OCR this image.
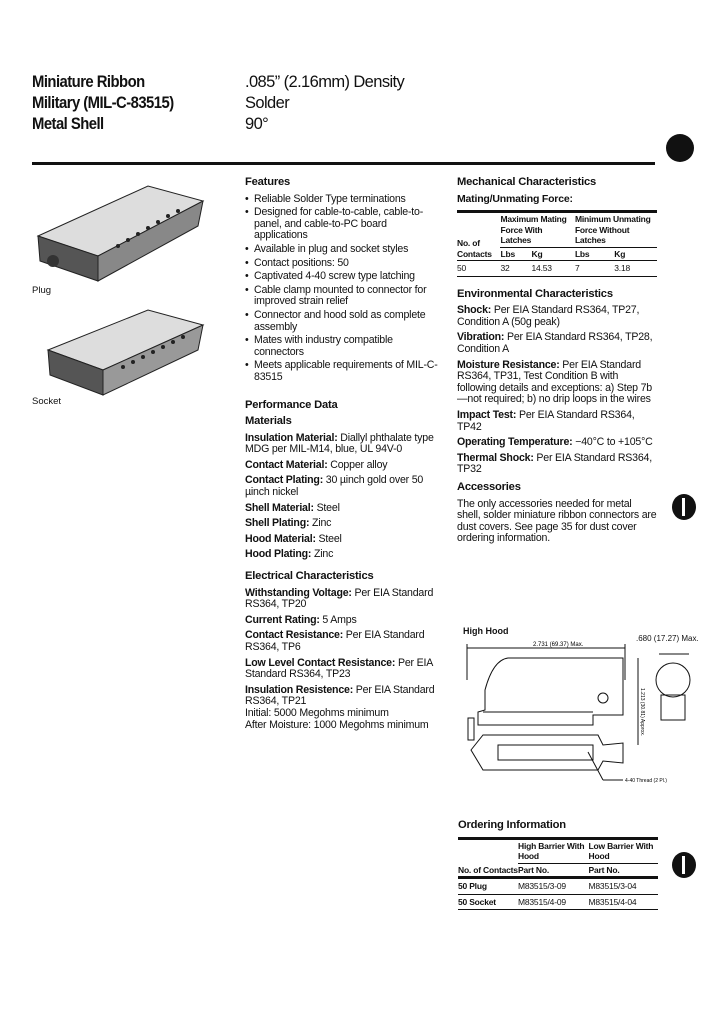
Miniature Ribbon
Military (MIL-C-83515)
Metal Shell
.085” (2.16mm) Density
Solder
90°
Plug
Socket
Features
• Reliable Solder Type terminations
• Designed for cable-to-cable, cable-to-panel, and cable-to-PC board applications
• Available in plug and socket styles
• Contact positions: 50
• Captivated 4-40 screw type latching
• Cable clamp mounted to connector for improved strain relief
• Connector and hood sold as complete assembly
• Mates with industry compatible connectors
• Meets applicable requirements of MIL-C-83515
Performance Data
Materials

Insulation Material: Diallyl phthalate type MDG per MIL-M14, blue, UL 94V-0

Contact Material: Copper alloy

Contact Plating: 30 µinch gold over 50 µinch nickel

Shell Material: Steel

Shell Plating: Zinc

Hood Material: Steel

Hood Plating: Zinc

Electrical Characteristics

Withstanding Voltage: Per EIA Standard RS364, TP20

Current Rating: 5 Amps

Contact Resistance: Per EIA Standard RS364, TP6

Low Level Contact Resistance: Per EIA Standard RS364, TP23

Insulation Resistence: Per EIA Standard RS364, TP21

Initial: 5000 Megohms minimum
After Moisture: 1000 Megohms minimum
Mechanical Characteristics
Mating/Unmating Force:
No. of Contacts	Maximum Mating Force With Latches		Minimum Unmating Force Without Latches	
	Lbs	Kg	Lbs	Kg
50	32	14.53	7	3.18
Environmental Characteristics

Shock: Per EIA Standard RS364, TP27, Condition A (50g peak)

Vibration: Per EIA Standard RS364, TP28, Condition A

Moisture Resistance: Per EIA Standard RS364, TP31, Test Condition B with following details and exceptions: a) Step 7b—not required; b) no drip loops in the wires

Impact Test: Per EIA Standard RS364, TP42

Operating Temperature: −40°C to +105°C

Thermal Shock: Per EIA Standard RS364, TP32

Accessories

The only accessories needed for metal shell, solder miniature ribbon connectors are dust covers. See page 35 for dust cover ordering information.

High Hood
2.731 (69.37) Max.
1.213 (30.81) Approx.
4-40 Thread (2 Pl.)
.680 (17.27) Max.
Ordering Information
No. of Contacts	High Barrier With Hood	Low Barrier With Hood
	Part No.	Part No.
50 Plug	M83515/3-09	M83515/3-04
50 Socket	M83515/4-09	M83515/4-04
